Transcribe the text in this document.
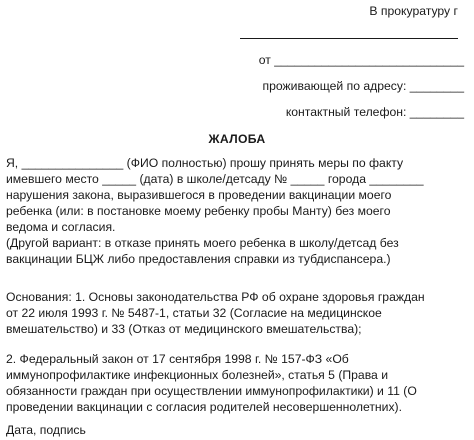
В прокуратуру г
от ____________________________
проживающей по адресу: ________
контактный телефон: ________
ЖАЛОБА

Я, _______________ (ФИО полностью) прошу принять меры по факту
имевшего место _____ (дата) в школе/детсаду № _____ города ________
нарушения закона, выразившегося в проведении вакцинации моего
ребенка (или: в постановке моему ребенку пробы Манту) без моего
ведома и согласия.

(Другой вариант: в отказе принять моего ребенка в школу/детсад без
вакцинации БЦЖ либо предоставления справки из тубдиспансера.)

Основания: 1. Основы законодательства РФ об охране здоровья граждан
от 22 июля 1993 г. № 5487-1, статьи 32 (Согласие на медицинское
вмешательство) и 33 (Отказ от медицинского вмешательства);

2. Федеральный закон от 17 сентября 1998 г. № 157-ФЗ «Об
иммунопрофилактике инфекционных болезней», статья 5 (Права и
обязанности граждан при осуществлении иммунопрофилактики) и 11 (О
проведении вакцинации с согласия родителей несовершеннолетних).

Дата, подпись
